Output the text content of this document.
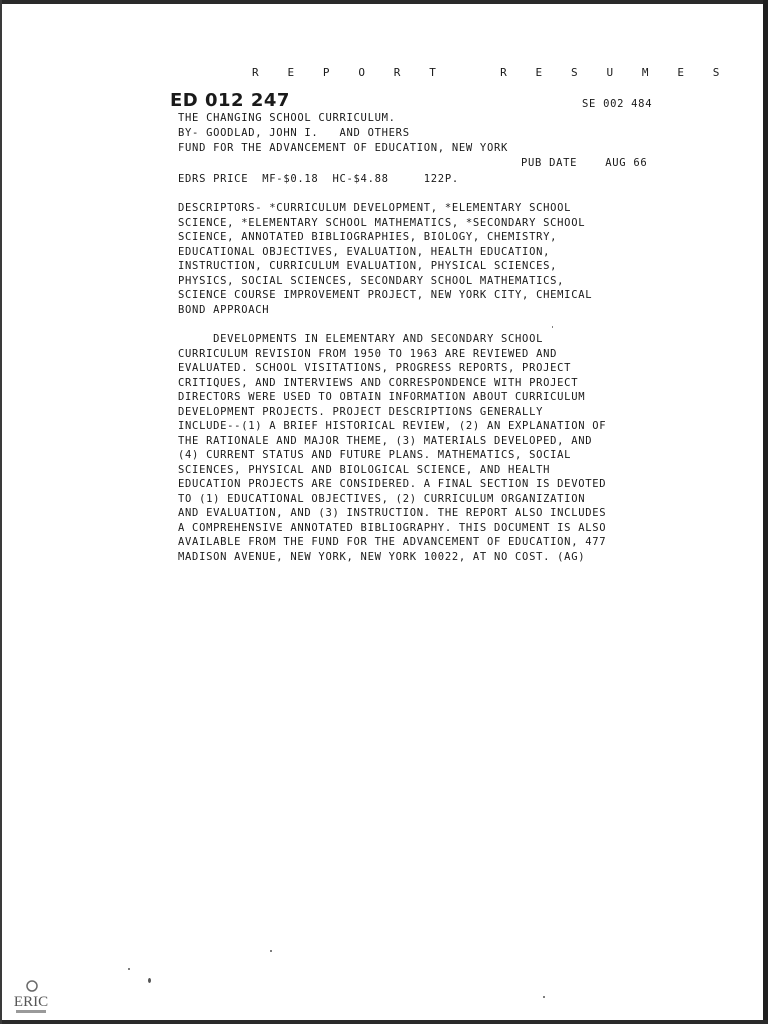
R E P O R T   R E S U M E S
ED 012 247	SE 002 484
THE CHANGING SCHOOL CURRICULUM.
BY- GOODLAD, JOHN I.   AND OTHERS
FUND FOR THE ADVANCEMENT OF EDUCATION, NEW YORK
PUB DATE    AUG 66
EDRS PRICE  MF-$0.18  HC-$4.88     122P.
DESCRIPTORS- *CURRICULUM DEVELOPMENT, *ELEMENTARY SCHOOL
SCIENCE, *ELEMENTARY SCHOOL MATHEMATICS, *SECONDARY SCHOOL
SCIENCE, ANNOTATED BIBLIOGRAPHIES, BIOLOGY, CHEMISTRY,
EDUCATIONAL OBJECTIVES, EVALUATION, HEALTH EDUCATION,
INSTRUCTION, CURRICULUM EVALUATION, PHYSICAL SCIENCES,
PHYSICS, SOCIAL SCIENCES, SECONDARY SCHOOL MATHEMATICS,
SCIENCE COURSE IMPROVEMENT PROJECT, NEW YORK CITY, CHEMICAL
BOND APPROACH
DEVELOPMENTS IN ELEMENTARY AND SECONDARY SCHOOL
CURRICULUM REVISION FROM 1950 TO 1963 ARE REVIEWED AND
EVALUATED. SCHOOL VISITATIONS, PROGRESS REPORTS, PROJECT
CRITIQUES, AND INTERVIEWS AND CORRESPONDENCE WITH PROJECT
DIRECTORS WERE USED TO OBTAIN INFORMATION ABOUT CURRICULUM
DEVELOPMENT PROJECTS. PROJECT DESCRIPTIONS GENERALLY
INCLUDE--(1) A BRIEF HISTORICAL REVIEW, (2) AN EXPLANATION OF
THE RATIONALE AND MAJOR THEME, (3) MATERIALS DEVELOPED, AND
(4) CURRENT STATUS AND FUTURE PLANS. MATHEMATICS, SOCIAL
SCIENCES, PHYSICAL AND BIOLOGICAL SCIENCE, AND HEALTH
EDUCATION PROJECTS ARE CONSIDERED. A FINAL SECTION IS DEVOTED
TO (1) EDUCATIONAL OBJECTIVES, (2) CURRICULUM ORGANIZATION
AND EVALUATION, AND (3) INSTRUCTION. THE REPORT ALSO INCLUDES
A COMPREHENSIVE ANNOTATED BIBLIOGRAPHY. THIS DOCUMENT IS ALSO
AVAILABLE FROM THE FUND FOR THE ADVANCEMENT OF EDUCATION, 477
MADISON AVENUE, NEW YORK, NEW YORK 10022, AT NO COST. (AG)
ERIC
